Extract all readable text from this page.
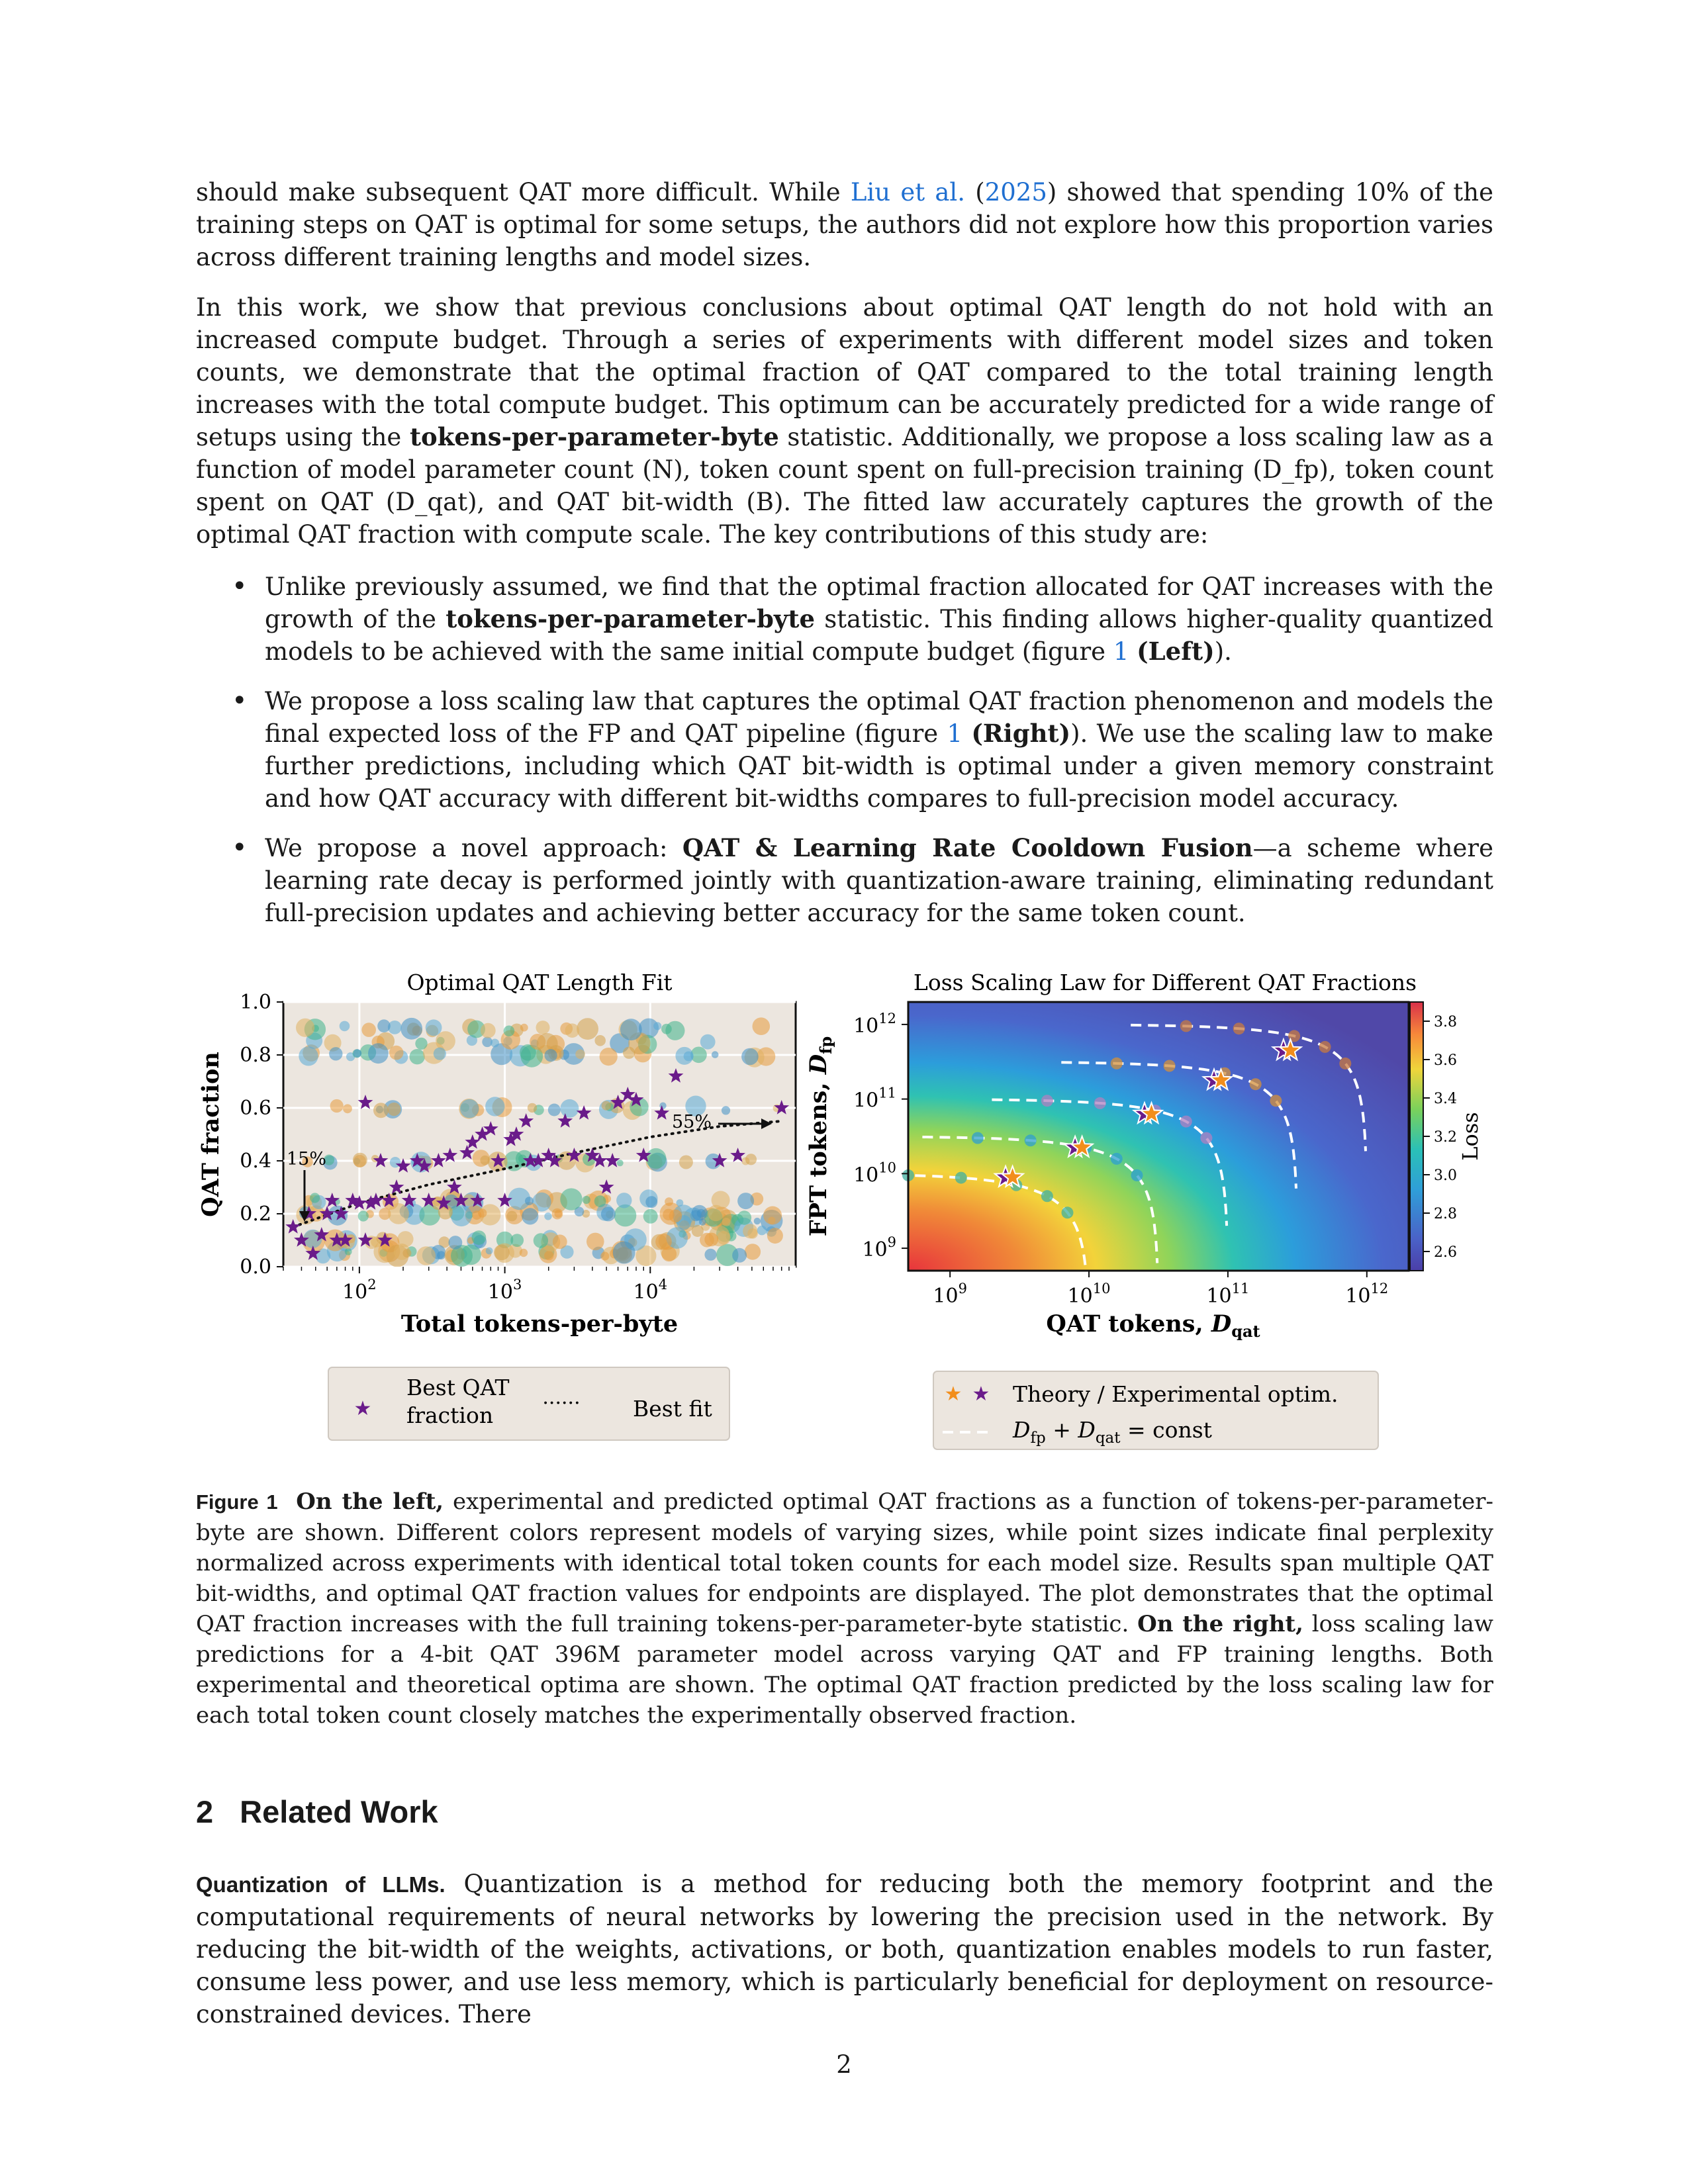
should make subsequent QAT more difficult. While Liu et al. (2025) showed that spending 10% of the training steps on QAT is optimal for some setups, the authors did not explore how this proportion varies across different training lengths and model sizes.

In this work, we show that previous conclusions about optimal QAT length do not hold with an increased compute budget. Through a series of experiments with different model sizes and token counts, we demonstrate that the optimal fraction of QAT compared to the total training length increases with the total compute budget. This optimum can be accurately predicted for a wide range of setups using the tokens-per-parameter-byte statistic. Additionally, we propose a loss scaling law as a function of model parameter count (N), token count spent on full-precision training (D_fp), token count spent on QAT (D_qat), and QAT bit-width (B). The fitted law accurately captures the growth of the optimal QAT fraction with compute scale. The key contributions of this study are:

• Unlike previously assumed, we find that the optimal fraction allocated for QAT increases with the growth of the tokens-per-parameter-byte statistic. This finding allows higher-quality quantized models to be achieved with the same initial compute budget (figure 1 (Left)).

• We propose a loss scaling law that captures the optimal QAT fraction phenomenon and models the final expected loss of the FP and QAT pipeline (figure 1 (Right)). We use the scaling law to make further predictions, including which QAT bit-width is optimal under a given memory constraint and how QAT accuracy with different bit-widths compares to full-precision model accuracy.

• We propose a novel approach: QAT & Learning Rate Cooldown Fusion—a scheme where learning rate decay is performed jointly with quantization-aware training, eliminating redundant full-precision updates and achieving better accuracy for the same token count.

Optimal QAT Length Fit
0.0
0.2
0.4
0.6
0.8
1.0
$10^2$	$10^3$	$10^4$
15%
55%
QAT fraction
Total tokens-per-byte
★
Best QAT
fraction ······ Best fit
Loss Scaling Law for Different QAT Fractions
$10^9$	$10^{10}$	$10^{11}$	$10^{12}$
$10^9$
$10^{10}$
$10^{11}$
$10^{12}$
FPT tokens, $D_{fp}$
QAT tokens, $D_{qat}$
2.6
2.8
3.0
3.2
3.4
3.6
3.8
Loss
★ ★ Theory / Experimental optim.
$D_{fp} + D_{qat}$ = const
Figure 1 On the left, experimental and predicted optimal QAT fractions as a function of tokens-per-parameter-byte are shown. Different colors represent models of varying sizes, while point sizes indicate final perplexity normalized across experiments with identical total token counts for each model size. Results span multiple QAT bit-widths, and optimal QAT fraction values for endpoints are displayed. The plot demonstrates that the optimal QAT fraction increases with the full training tokens-per-parameter-byte statistic. On the right, loss scaling law predictions for a 4-bit QAT 396M parameter model across varying QAT and FP training lengths. Both experimental and theoretical optima are shown. The optimal QAT fraction predicted by the loss scaling law for each total token count closely matches the experimentally observed fraction.
2 Related Work
Quantization of LLMs. Quantization is a method for reducing both the memory footprint and the computational requirements of neural networks by lowering the precision used in the network. By reducing the bit-width of the weights, activations, or both, quantization enables models to run faster, consume less power, and use less memory, which is particularly beneficial for deployment on resource-constrained devices. There
2
